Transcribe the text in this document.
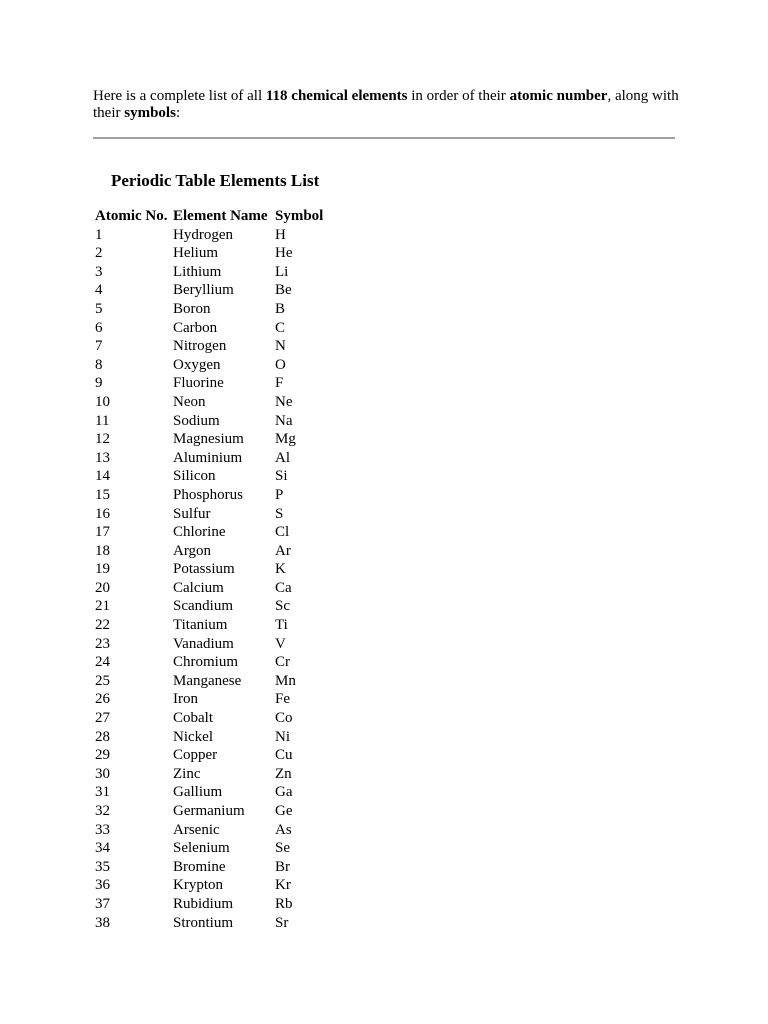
Here is a complete list of all 118 chemical elements in order of their atomic number, along with their symbols:

Periodic Table Elements List
Atomic No.	Element Name	Symbol
1	Hydrogen	H
2	Helium	He
3	Lithium	Li
4	Beryllium	Be
5	Boron	B
6	Carbon	C
7	Nitrogen	N
8	Oxygen	O
9	Fluorine	F
10	Neon	Ne
11	Sodium	Na
12	Magnesium	Mg
13	Aluminium	Al
14	Silicon	Si
15	Phosphorus	P
16	Sulfur	S
17	Chlorine	Cl
18	Argon	Ar
19	Potassium	K
20	Calcium	Ca
21	Scandium	Sc
22	Titanium	Ti
23	Vanadium	V
24	Chromium	Cr
25	Manganese	Mn
26	Iron	Fe
27	Cobalt	Co
28	Nickel	Ni
29	Copper	Cu
30	Zinc	Zn
31	Gallium	Ga
32	Germanium	Ge
33	Arsenic	As
34	Selenium	Se
35	Bromine	Br
36	Krypton	Kr
37	Rubidium	Rb
38	Strontium	Sr
